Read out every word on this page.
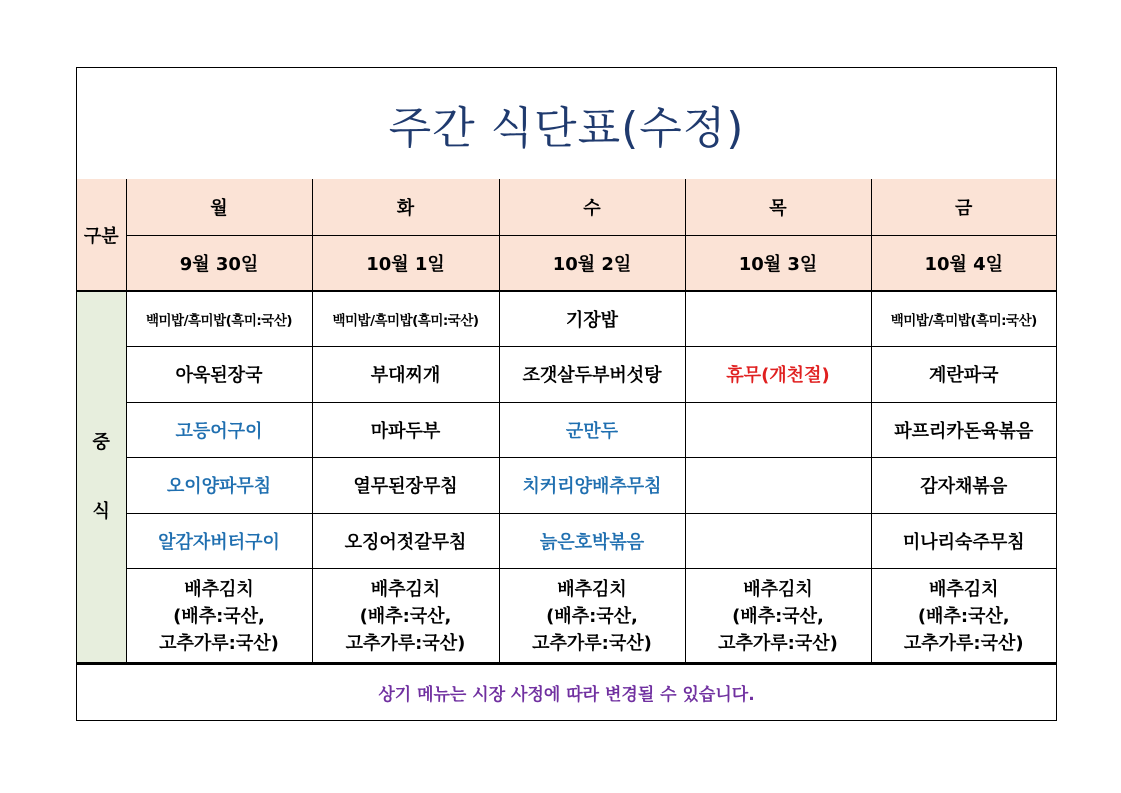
주간 식단표(수정)
구분	월	화	수	목	금
	9월 30일	10월 1일	10월 2일	10월 3일	10월 4일
중

식	백미밥/흑미밥(흑미:국산)	백미밥/흑미밥(흑미:국산)	기장밥		백미밥/흑미밥(흑미:국산)
	아욱된장국	부대찌개	조갯살두부버섯탕	휴무(개천절)	계란파국
	고등어구이	마파두부	군만두		파프리카돈육볶음
	오이양파무침	열무된장무침	치커리양배추무침		감자채볶음
	알감자버터구이	오징어젓갈무침	늙은호박볶음		미나리숙주무침
	배추김치
(배추:국산,
고추가루:국산)	배추김치
(배추:국산,
고추가루:국산)	배추김치
(배추:국산,
고추가루:국산)	배추김치
(배추:국산,
고추가루:국산)	배추김치
(배추:국산,
고추가루:국산)
상기 메뉴는 시장 사정에 따라 변경될 수 있습니다.
